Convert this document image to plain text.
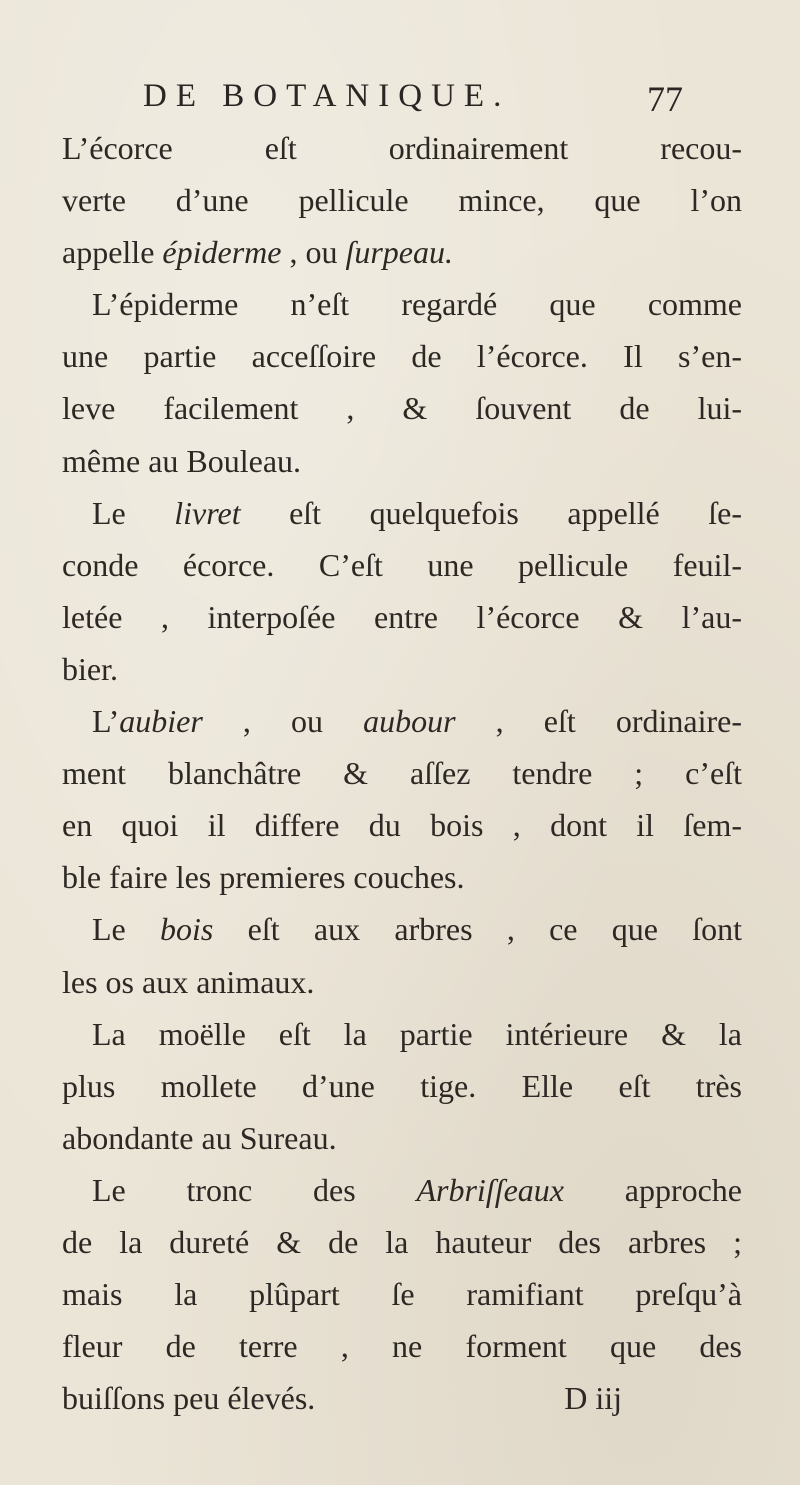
DE BOTANIQUE.	77
L’écorce eſt ordinairement recou-
verte d’une pellicule mince, que l’on
appelle épiderme , ou ſurpeau.
L’épiderme n’eſt regardé que comme
une partie acceſſoire de l’écorce. Il s’en-
leve facilement , & ſouvent de lui-
même au Bouleau.
Le livret eſt quelquefois appellé ſe-
conde écorce. C’eſt une pellicule feuil-
letée , interpoſée entre l’écorce & l’au-
bier.
L’aubier , ou aubour , eſt ordinaire-
ment blanchâtre & aſſez tendre ; c’eſt
en quoi il differe du bois , dont il ſem-
ble faire les premieres couches.
Le bois eſt aux arbres , ce que ſont
les os aux animaux.
La moëlle eſt la partie intérieure & la
plus mollete d’une tige. Elle eſt très
abondante au Sureau.
Le tronc des Arbriſſeaux approche
de la dureté & de la hauteur des arbres ;
mais la plûpart ſe ramifiant preſqu’à
fleur de terre , ne forment que des
buiſſons peu élevés.	D iij
